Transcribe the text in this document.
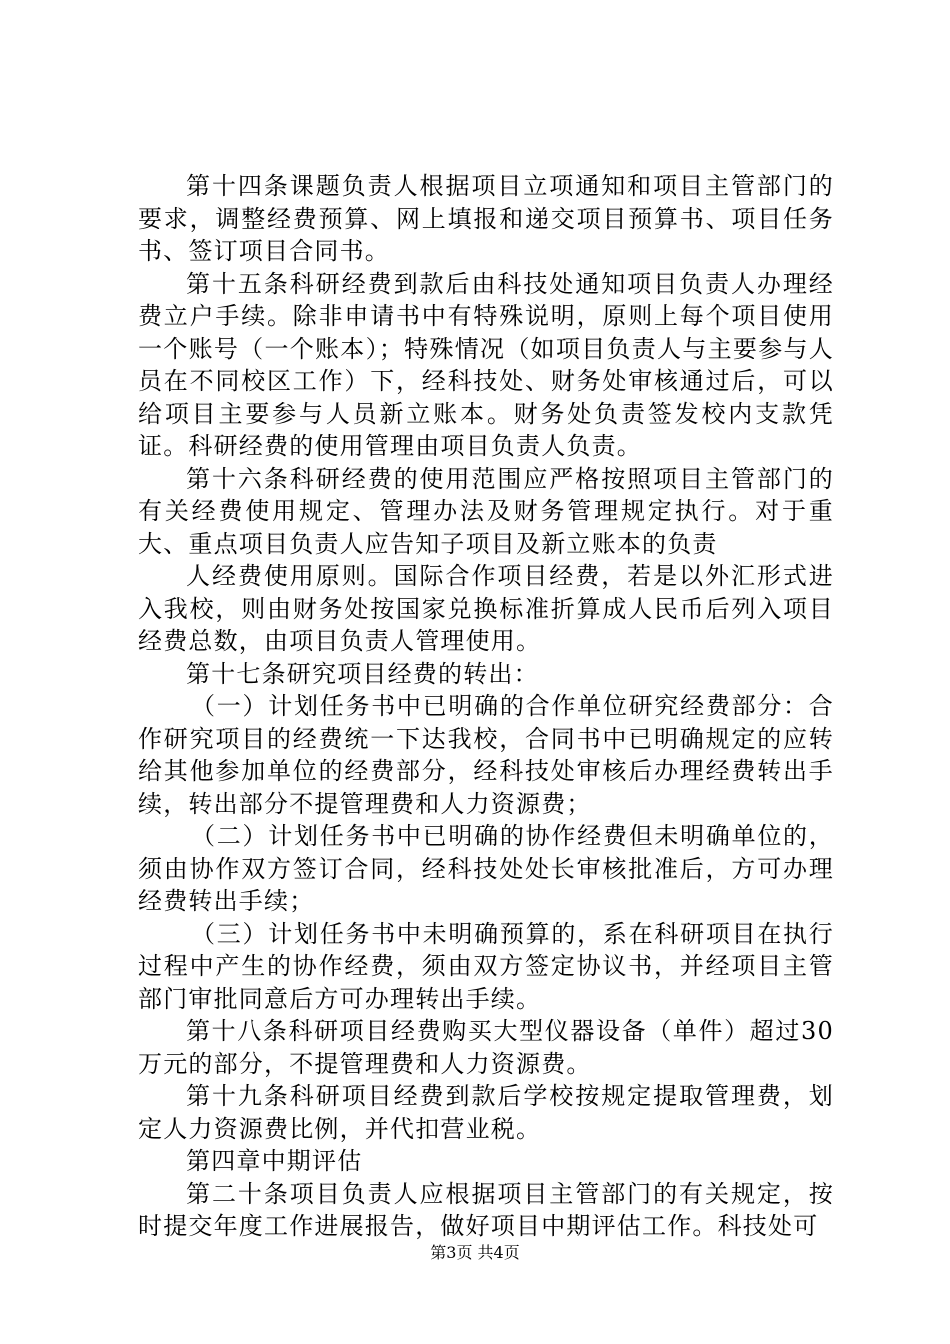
第十四条课题负责人根据项目立项通知和项目主管部门的要求，调整经费预算、网上填报和递交项目预算书、项目任务书、签订项目合同书。

第十五条科研经费到款后由科技处通知项目负责人办理经费立户手续。除非申请书中有特殊说明，原则上每个项目使用一个账号（一个账本）；特殊情况（如项目负责人与主要参与人员在不同校区工作）下，经科技处、财务处审核通过后，可以给项目主要参与人员新立账本。财务处负责签发校内支款凭证。科研经费的使用管理由项目负责人负责。

第十六条科研经费的使用范围应严格按照项目主管部门的有关经费使用规定、管理办法及财务管理规定执行。对于重大、重点项目负责人应告知子项目及新立账本的负责

人经费使用原则。国际合作项目经费，若是以外汇形式进入我校，则由财务处按国家兑换标准折算成人民币后列入项目经费总数，由项目负责人管理使用。

第十七条研究项目经费的转出：

（一）计划任务书中已明确的合作单位研究经费部分：合作研究项目的经费统一下达我校，合同书中已明确规定的应转给其他参加单位的经费部分，经科技处审核后办理经费转出手续，转出部分不提管理费和人力资源费；

（二）计划任务书中已明确的协作经费但未明确单位的，须由协作双方签订合同，经科技处处长审核批准后，方可办理经费转出手续；

（三）计划任务书中未明确预算的，系在科研项目在执行过程中产生的协作经费，须由双方签定协议书，并经项目主管部门审批同意后方可办理转出手续。

第十八条科研项目经费购买大型仪器设备（单件）超过30万元的部分，不提管理费和人力资源费。

第十九条科研项目经费到款后学校按规定提取管理费，划定人力资源费比例，并代扣营业税。

第四章中期评估

第二十条项目负责人应根据项目主管部门的有关规定，按时提交年度工作进展报告，做好项目中期评估工作。科技处可

第3页 共4页
